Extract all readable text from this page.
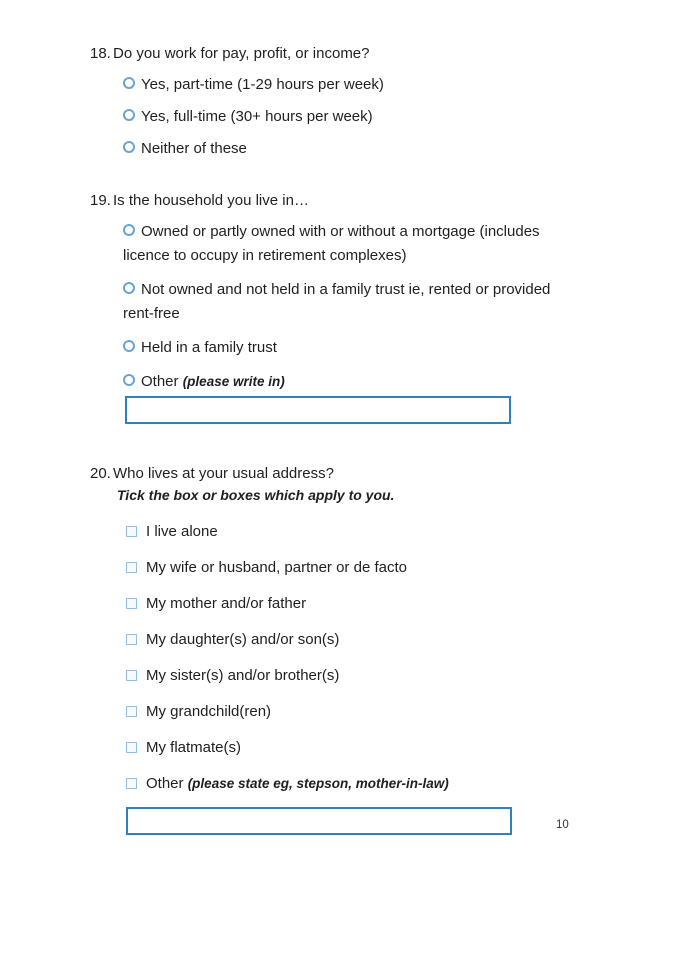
18. Do you work for pay, profit, or income?
Yes, part-time (1-29 hours per week)
Yes, full-time (30+ hours per week)
Neither of these
19. Is the household you live in…
Owned or partly owned with or without a mortgage (includes licence to occupy in retirement complexes)
Not owned and not held in a family trust ie, rented or provided rent-free
Held in a family trust
Other (please write in)
20. Who lives at your usual address?
Tick the box or boxes which apply to you.
I live alone
My wife or husband, partner or de facto
My mother and/or father
My daughter(s) and/or son(s)
My sister(s) and/or brother(s)
My grandchild(ren)
My flatmate(s)
Other (please state eg, stepson, mother-in-law)
10
